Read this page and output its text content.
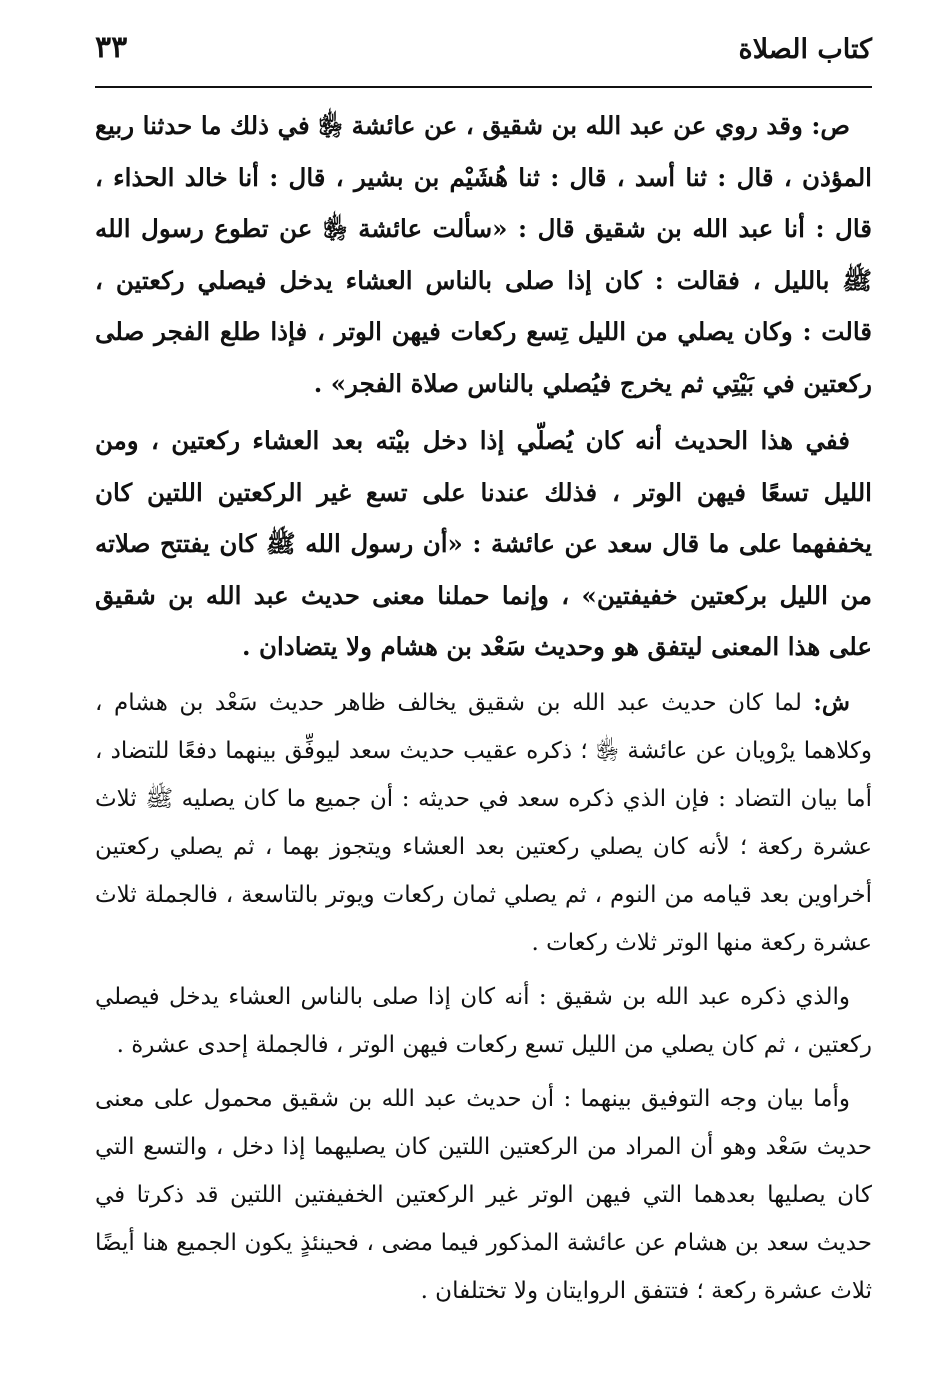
كتاب الصلاة
٣٣

ص: وقد روي عن عبد الله بن شقيق ، عن عائشة ﵂ في ذلك ما حدثنا ربيع المؤذن ، قال : ثنا أسد ، قال : ثنا هُشَيْم بن بشير ، قال : أنا خالد الحذاء ، قال : أنا عبد الله بن شقيق قال : «سألت عائشة ﵂ عن تطوع رسول الله ﷺ بالليل ، فقالت : كان إذا صلى بالناس العشاء يدخل فيصلي ركعتين ، قالت : وكان يصلي من الليل تِسع ركعات فيهن الوتر ، فإذا طلع الفجر صلى ركعتين في بَيْتِي ثم يخرج فيُصلي بالناس صلاة الفجر» .

ففي هذا الحديث أنه كان يُصلّي إذا دخل بيْته بعد العشاء ركعتين ، ومن الليل تسعًا فيهن الوتر ، فذلك عندنا على تسع غير الركعتين اللتين كان يخففهما على ما قال سعد عن عائشة : «أن رسول الله ﷺ كان يفتتح صلاته من الليل بركعتين خفيفتين» ، وإنما حملنا معنى حديث عبد الله بن شقيق على هذا المعنى ليتفق هو وحديث سَعْد بن هشام ولا يتضادان .

ش: لما كان حديث عبد الله بن شقيق يخالف ظاهر حديث سَعْد بن هشام ، وكلاهما يرْويان عن عائشة ﵂ ؛ ذكره عقيب حديث سعد ليوفِّق بينهما دفعًا للتضاد ، أما بيان التضاد : فإن الذي ذكره سعد في حديثه : أن جميع ما كان يصليه ﷺ ثلاث عشرة ركعة ؛ لأنه كان يصلي ركعتين بعد العشاء ويتجوز بهما ، ثم يصلي ركعتين أخراوين بعد قيامه من النوم ، ثم يصلي ثمان ركعات ويوتر بالتاسعة ، فالجملة ثلاث عشرة ركعة منها الوتر ثلاث ركعات .

والذي ذكره عبد الله بن شقيق : أنه كان إذا صلى بالناس العشاء يدخل فيصلي ركعتين ، ثم كان يصلي من الليل تسع ركعات فيهن الوتر ، فالجملة إحدى عشرة .

وأما بيان وجه التوفيق بينهما : أن حديث عبد الله بن شقيق محمول على معنى حديث سَعْد وهو أن المراد من الركعتين اللتين كان يصليهما إذا دخل ، والتسع التي كان يصليها بعدهما التي فيهن الوتر غير الركعتين الخفيفتين اللتين قد ذكرتا في حديث سعد بن هشام عن عائشة المذكور فيما مضى ، فحينئذٍ يكون الجميع هنا أيضًا ثلاث عشرة ركعة ؛ فتتفق الروايتان ولا تختلفان .
